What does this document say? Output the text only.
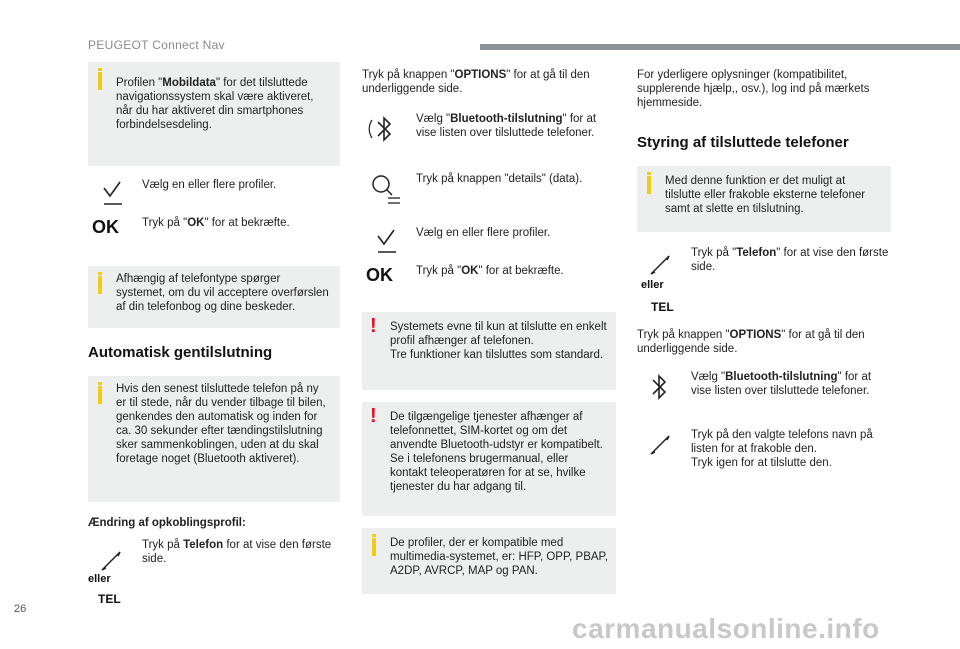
PEUGEOT Connect Nav

Profilen "Mobildata" for det tilsluttede navigationssystem skal være aktiveret, når du har aktiveret din smartphones forbindelsesdeling.

Vælg en eller flere profiler.

OK Tryk på "OK" for at bekræfte.

Afhængig af telefontype spørger systemet, om du vil acceptere overførslen af din telefonbog og dine beskeder.

Automatisk gentilslutning

Hvis den senest tilsluttede telefon på ny er til stede, når du vender tilbage til bilen, genkendes den automatisk og inden for ca. 30 sekunder efter tændingstilslutning sker sammenkoblingen, uden at du skal foretage noget (Bluetooth aktiveret).

Ændring af opkoblingsprofil:

eller
TEL

Tryk på Telefon for at vise den første side.

Tryk på knappen "OPTIONS" for at gå til den underliggende side.

Vælg "Bluetooth-tilslutning" for at vise listen over tilsluttede telefoner.

Tryk på knappen "details" (data).

Vælg en eller flere profiler.

OK Tryk på "OK" for at bekræfte.

! Systemets evne til kun at tilslutte en enkelt profil afhænger af telefonen.

Tre funktioner kan tilsluttes som standard.

! De tilgængelige tjenester afhænger af telefonnettet, SIM-kortet og om det anvendte Bluetooth-udstyr er kompatibelt. Se i telefonens brugermanual, eller kontakt teleoperatøren for at se, hvilke tjenester du har adgang til.

De profiler, der er kompatible med multimedia-systemet, er: HFP, OPP, PBAP, A2DP, AVRCP, MAP og PAN.

For yderligere oplysninger (kompatibilitet, supplerende hjælp,, osv.), log ind på mærkets hjemmeside.

Styring af tilsluttede telefoner

Med denne funktion er det muligt at tilslutte eller frakoble eksterne telefoner samt at slette en tilslutning.

eller
TEL

Tryk på "Telefon" for at vise den første side.

Tryk på knappen "OPTIONS" for at gå til den underliggende side.

Vælg "Bluetooth-tilslutning" for at vise listen over tilsluttede telefoner.

Tryk på den valgte telefons navn på listen for at frakoble den.

Tryk igen for at tilslutte den.

26
carmanualsonline.info
